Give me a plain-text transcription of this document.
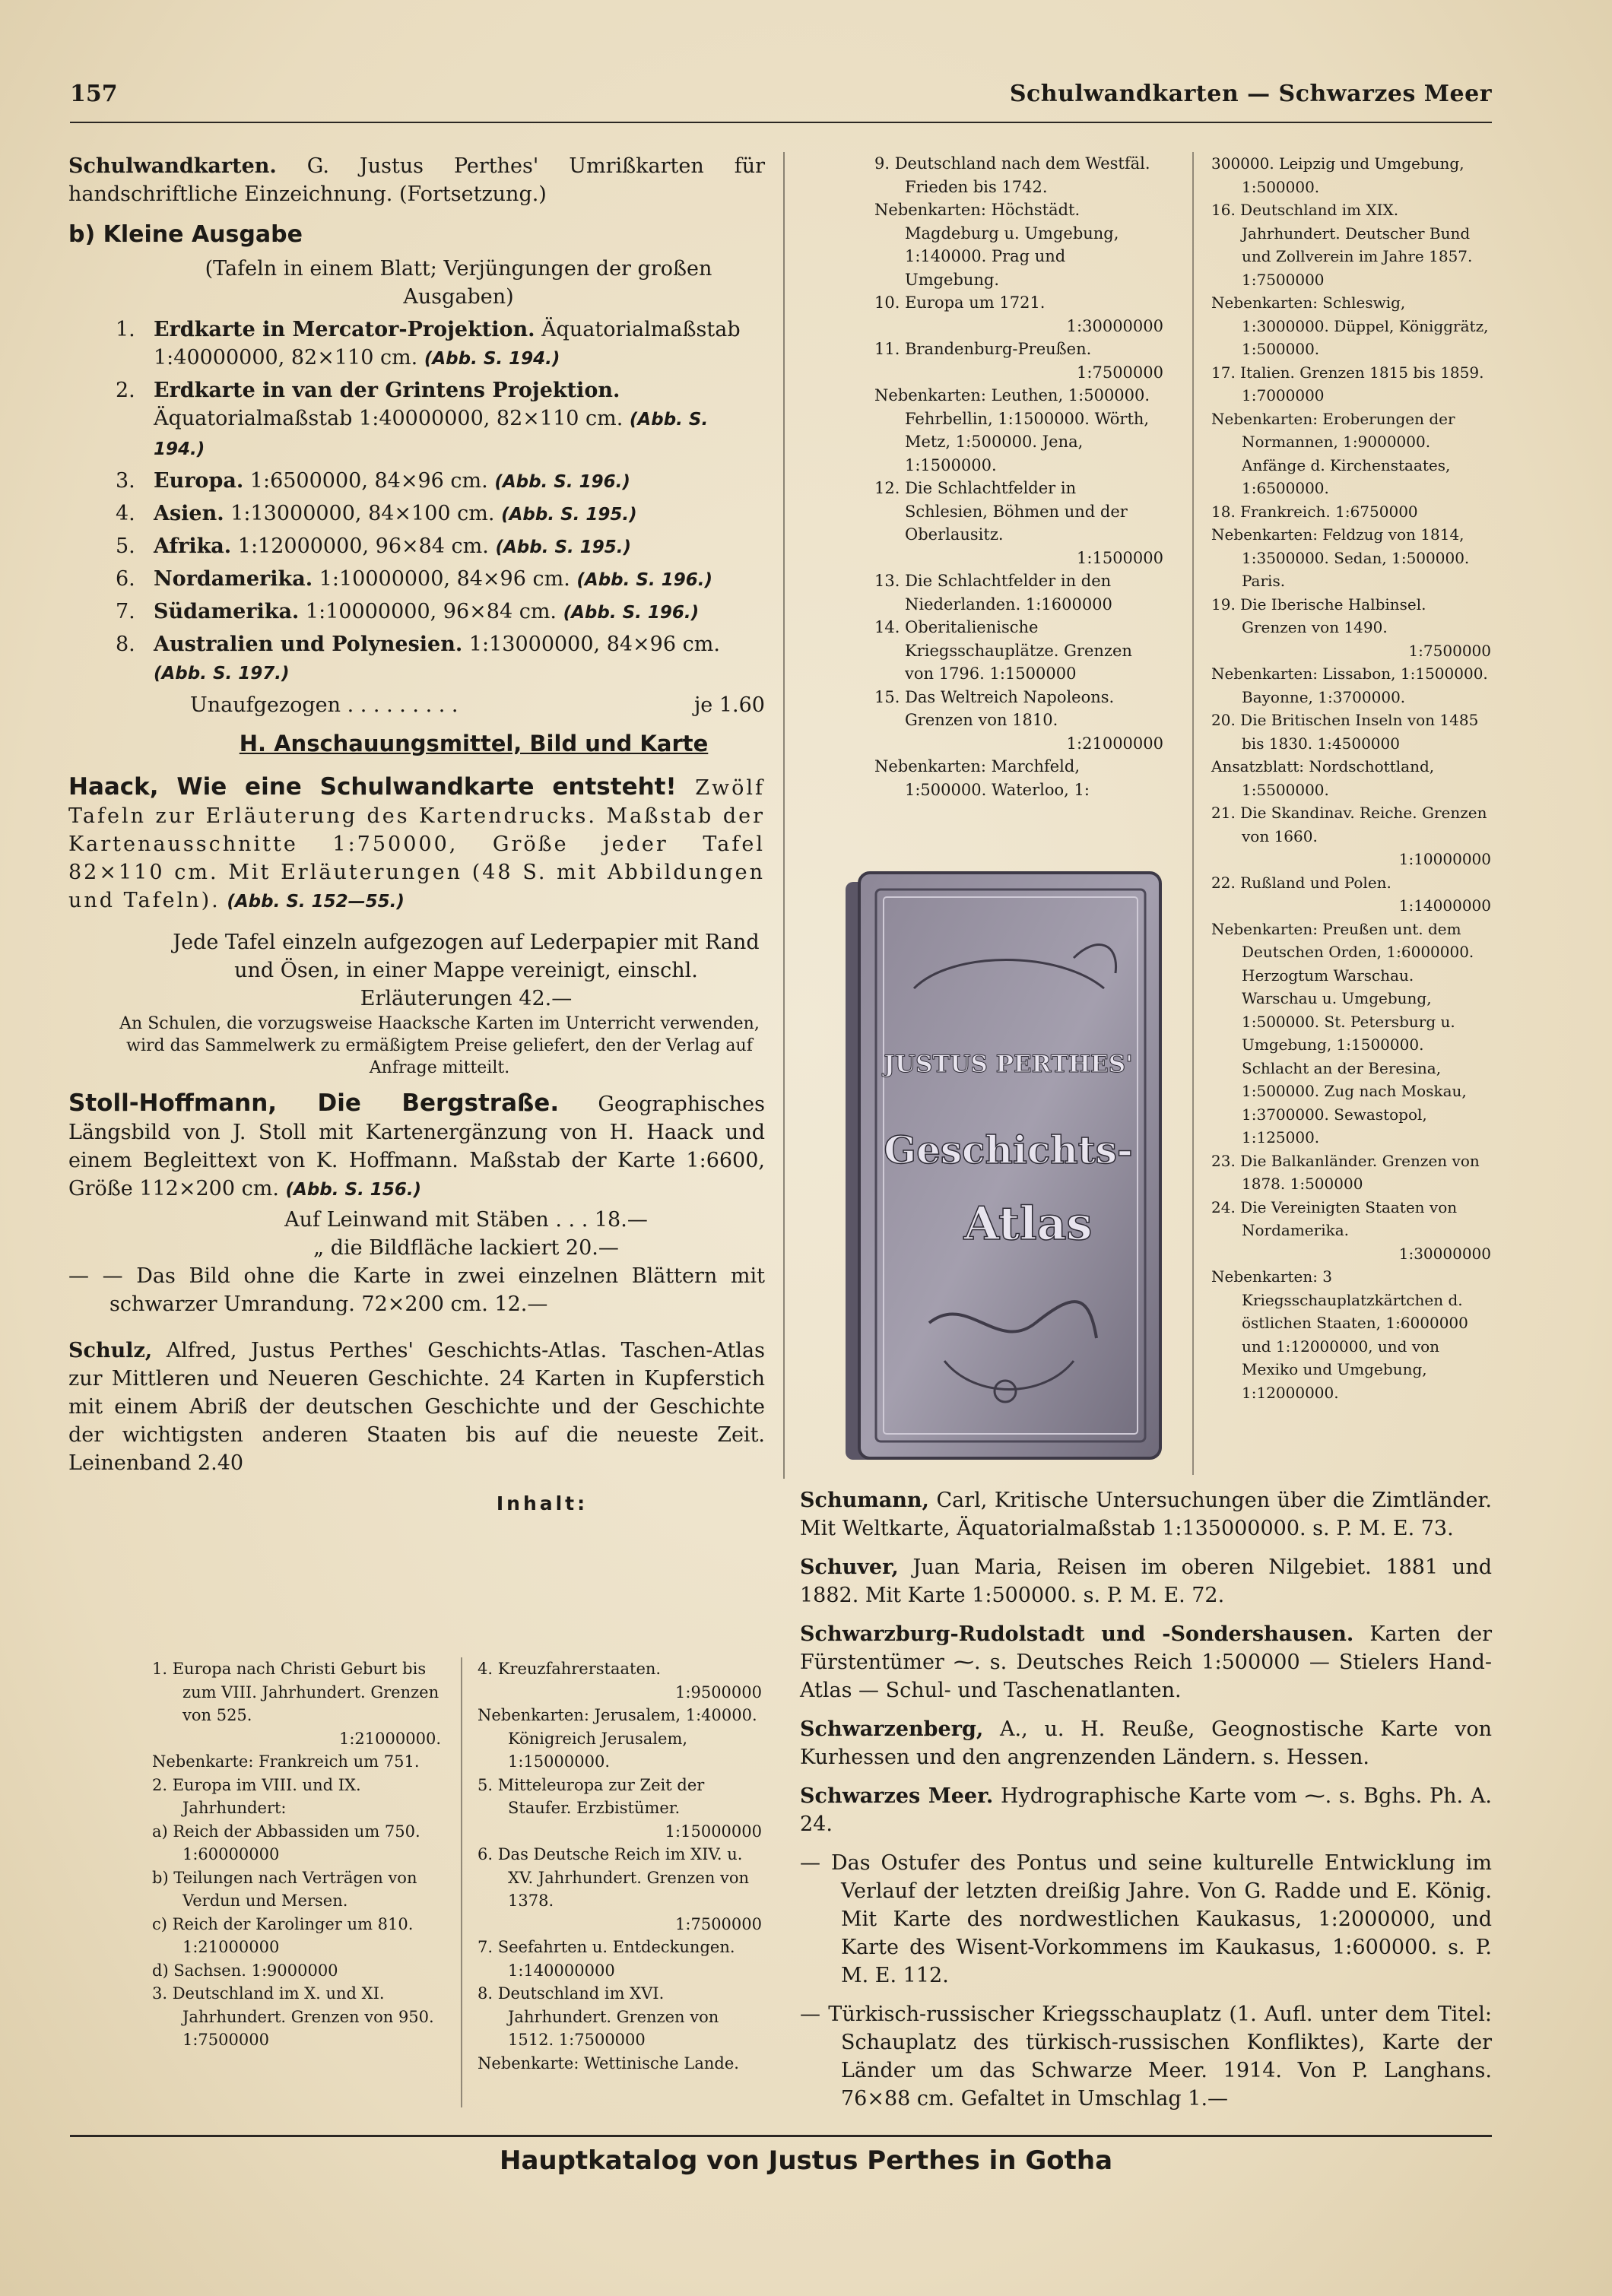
157	Schulwandkarten — Schwarzes Meer
Schulwandkarten. G. Justus Perthes' Umrißkarten für handschriftliche Einzeichnung. (Fortsetzung.)
b) Kleine Ausgabe
(Tafeln in einem Blatt; Verjüngungen der großen Ausgaben)
1. Erdkarte in Mercator-Projektion. Äquatorialmaßstab 1:40000000, 82×110 cm. (Abb. S. 194.)
2. Erdkarte in van der Grintens Projektion. Äquatorialmaßstab 1:40000000, 82×110 cm. (Abb. S. 194.)
3. Europa. 1:6500000, 84×96 cm. (Abb. S. 196.)
4. Asien. 1:13000000, 84×100 cm. (Abb. S. 195.)
5. Afrika. 1:12000000, 96×84 cm. (Abb. S. 195.)
6. Nordamerika. 1:10000000, 84×96 cm. (Abb. S. 196.)
7. Südamerika. 1:10000000, 96×84 cm. (Abb. S. 196.)
8. Australien und Polynesien. 1:13000000, 84×96 cm. (Abb. S. 197.)
Unaufgezogen . . . . . . . . .	je 1.60
H. Anschauungsmittel, Bild und Karte
Haack, Wie eine Schulwandkarte entsteht! Zwölf Tafeln zur Erläuterung des Kartendrucks. Maßstab der Kartenausschnitte 1:750000, Größe jeder Tafel 82×110 cm. Mit Erläuterungen (48 S. mit Abbildungen und Tafeln). (Abb. S. 152—55.)
Jede Tafel einzeln aufgezogen auf Lederpapier mit Rand und Ösen, in einer Mappe vereinigt, einschl. Erläuterungen 42.—
An Schulen, die vorzugsweise Haacksche Karten im Unterricht verwenden, wird das Sammelwerk zu ermäßigtem Preise geliefert, den der Verlag auf Anfrage mitteilt.
Stoll-Hoffmann, Die Bergstraße. Geographisches Längsbild von J. Stoll mit Kartenergänzung von H. Haack und einem Begleittext von K. Hoffmann. Maßstab der Karte 1:6600, Größe 112×200 cm. (Abb. S. 156.)
Auf Leinwand mit Stäben . . . 18.—
„ die Bildfläche lackiert 20.—
— — Das Bild ohne die Karte in zwei einzelnen Blättern mit schwarzer Umrandung. 72×200 cm. 12.—
Schulz, Alfred, Justus Perthes' Geschichts-Atlas. Taschen-Atlas zur Mittleren und Neueren Geschichte. 24 Karten in Kupferstich mit einem Abriß der deutschen Geschichte und der Geschichte der wichtigsten anderen Staaten bis auf die neueste Zeit. Leinenband 2.40
Inhalt:
1. Europa nach Christi Geburt bis zum VIII. Jahrhundert. Grenzen von 525.
1:21000000.
Nebenkarte: Frankreich um 751.
2. Europa im VIII. und IX. Jahrhundert:
a) Reich der Abbassiden um 750. 1:60000000
b) Teilungen nach Verträgen von Verdun und Mersen.
c) Reich der Karolinger um 810. 1:21000000
d) Sachsen. 1:9000000
3. Deutschland im X. und XI. Jahrhundert. Grenzen von 950. 1:7500000
4. Kreuzfahrerstaaten.
1:9500000
Nebenkarten: Jerusalem, 1:40000. Königreich Jerusalem, 1:15000000.
5. Mitteleuropa zur Zeit der Staufer. Erzbistümer.
1:15000000
6. Das Deutsche Reich im XIV. u. XV. Jahrhundert. Grenzen von 1378.
1:7500000
7. Seefahrten u. Entdeckungen. 1:140000000
8. Deutschland im XVI. Jahrhundert. Grenzen von 1512. 1:7500000
Nebenkarte: Wettinische Lande.
9. Deutschland nach dem Westfäl. Frieden bis 1742.
Nebenkarten: Höchstädt. Magdeburg u. Umgebung, 1:140000. Prag und Umgebung.
10. Europa um 1721.
1:30000000
11. Brandenburg-Preußen.
1:7500000
Nebenkarten: Leuthen, 1:500000. Fehrbellin, 1:1500000. Wörth, Metz, 1:500000. Jena, 1:1500000.
12. Die Schlachtfelder in Schlesien, Böhmen und der Oberlausitz.
1:1500000
13. Die Schlachtfelder in den Niederlanden. 1:1600000
14. Oberitalienische Kriegsschauplätze. Grenzen von 1796. 1:1500000
15. Das Weltreich Napoleons. Grenzen von 1810.
1:21000000
Nebenkarten: Marchfeld, 1:500000. Waterloo, 1:
300000. Leipzig und Umgebung, 1:500000.
16. Deutschland im XIX. Jahrhundert. Deutscher Bund und Zollverein im Jahre 1857. 1:7500000
Nebenkarten: Schleswig, 1:3000000. Düppel, Königgrätz, 1:500000.
17. Italien. Grenzen 1815 bis 1859. 1:7000000
Nebenkarten: Eroberungen der Normannen, 1:9000000. Anfänge d. Kirchenstaates, 1:6500000.
18. Frankreich. 1:6750000
Nebenkarten: Feldzug von 1814, 1:3500000. Sedan, 1:500000. Paris.
19. Die Iberische Halbinsel. Grenzen von 1490.
1:7500000
Nebenkarten: Lissabon, 1:1500000. Bayonne, 1:3700000.
20. Die Britischen Inseln von 1485 bis 1830. 1:4500000
Ansatzblatt: Nordschottland, 1:5500000.
21. Die Skandinav. Reiche. Grenzen von 1660.
1:10000000
22. Rußland und Polen.
1:14000000
Nebenkarten: Preußen unt. dem Deutschen Orden, 1:6000000. Herzogtum Warschau. Warschau u. Umgebung, 1:500000. St. Petersburg u. Umgebung, 1:1500000. Schlacht an der Beresina, 1:500000. Zug nach Moskau, 1:3700000. Sewastopol, 1:125000.
23. Die Balkanländer. Grenzen von 1878. 1:500000
24. Die Vereinigten Staaten von Nordamerika.
1:30000000
Nebenkarten: 3 Kriegsschauplatzkärtchen d. östlichen Staaten, 1:6000000 und 1:12000000, und von Mexiko und Umgebung, 1:12000000.
JUSTUS PERTHES'
Geschichts-
Atlas
Schumann, Carl, Kritische Untersuchungen über die Zimtländer. Mit Weltkarte, Äquatorialmaßstab 1:135000000. s. P. M. E. 73.
Schuver, Juan Maria, Reisen im oberen Nilgebiet. 1881 und 1882. Mit Karte 1:500000. s. P. M. E. 72.
Schwarzburg-Rudolstadt und -Sondershausen. Karten der Fürstentümer ⁓. s. Deutsches Reich 1:500000 — Stielers Hand-Atlas — Schul- und Taschenatlanten.
Schwarzenberg, A., u. H. Reuße, Geognostische Karte von Kurhessen und den angrenzenden Ländern. s. Hessen.
Schwarzes Meer. Hydrographische Karte vom ⁓. s. Bghs. Ph. A. 24.
— Das Ostufer des Pontus und seine kulturelle Entwicklung im Verlauf der letzten dreißig Jahre. Von G. Radde und E. König. Mit Karte des nordwestlichen Kaukasus, 1:2000000, und Karte des Wisent-Vorkommens im Kaukasus, 1:600000. s. P. M. E. 112.
— Türkisch-russischer Kriegsschauplatz (1. Aufl. unter dem Titel: Schauplatz des türkisch-russischen Konfliktes), Karte der Länder um das Schwarze Meer. 1914. Von P. Langhans. 76×88 cm. Gefaltet in Umschlag 1.—
Hauptkatalog von Justus Perthes in Gotha
